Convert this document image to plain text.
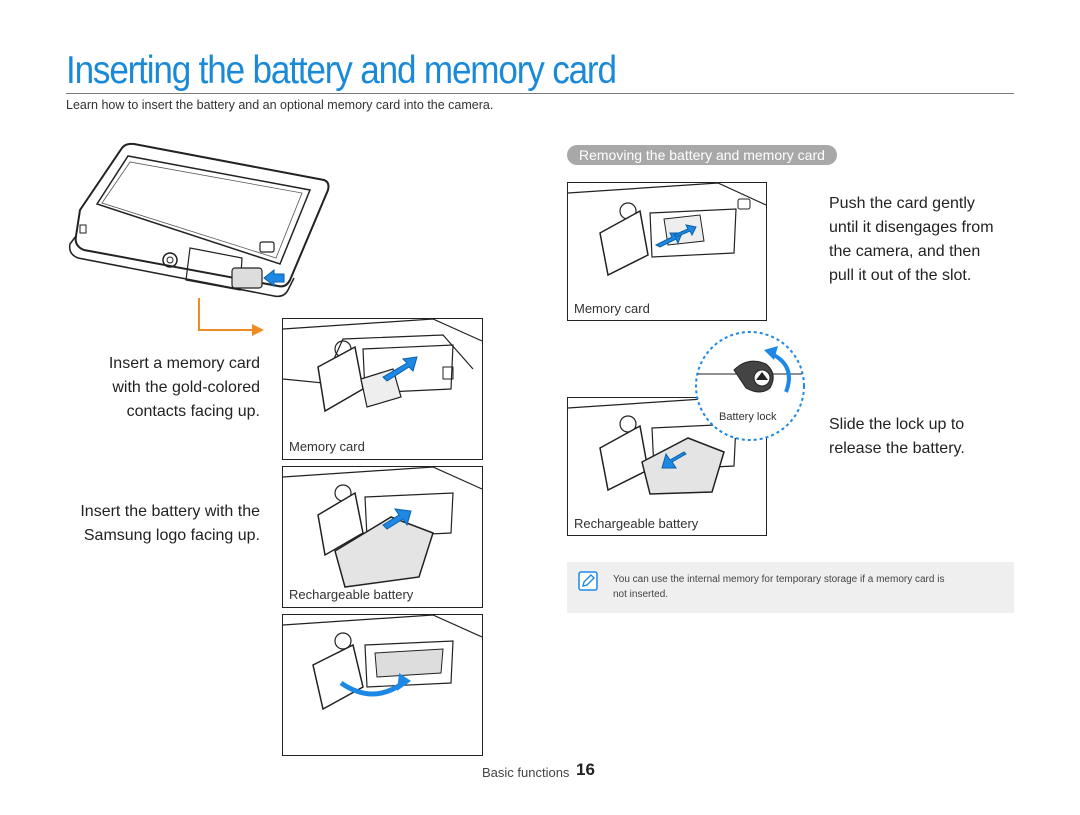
Inserting the battery and memory card
Learn how to insert the battery and an optional memory card into the camera.
Insert a memory card
with the gold-colored
contacts facing up.
Insert the battery with the
Samsung logo facing up.
Memory card
Rechargeable battery
Removing the battery and memory card
Memory card
Push the card gently
until it disengages from
the camera, and then
pull it out of the slot.
Rechargeable battery
Battery lock	Slide the lock up to
release the battery.
You can use the internal memory for temporary storage if a memory card is
not inserted.
Basic functions 16
